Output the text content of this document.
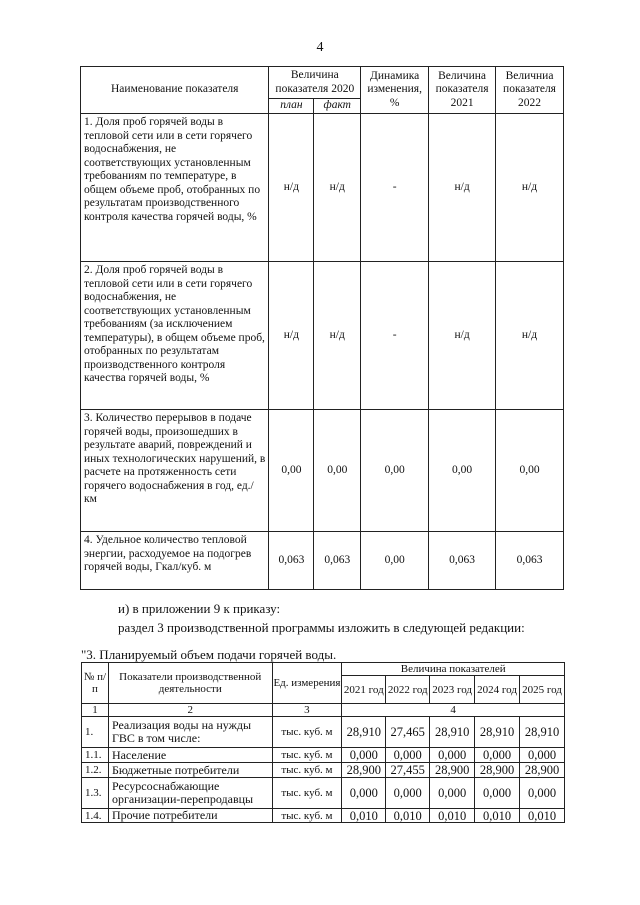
4
Наименование показателя	Величина показателя 2020		Динамика изменения, %	Величина показателя 2021	Величниа показателя 2022
	план	факт			
1. Доля проб горячей воды в тепловой сети или в сети горячего водоснабжения, не соответствующих установленным требованиям по температуре, в общем объеме проб, отобранных по результатам производственного контроля качества горячей воды, %	н/д	н/д	-	н/д	н/д
2. Доля проб горячей воды в тепловой сети или в сети горячего водоснабжения, не соответствующих установленным требованиям (за исключением температуры), в общем объеме проб, отобранных по результатам производственного контроля качества горячей воды, %	н/д	н/д	-	н/д	н/д
3. Количество перерывов в подаче горячей воды, произошедших в результате аварий, повреждений и иных технологических нарушений, в расчете на протяженность сети горячего водоснабжения в год, ед./км	0,00	0,00	0,00	0,00	0,00
4. Удельное количество тепловой энергии, расходуемое на подогрев горячей воды, Гкал/куб. м	0,063	0,063	0,00	0,063	0,063
и) в приложении 9 к приказу:
раздел 3 производственной программы изложить в следующей редакции:
"3. Планируемый объем подачи горячей воды.
№ п/п	Показатели производственной деятельности	Ед. измерения	Величина показателей				
			2021 год	2022 год	2023 год	2024 год	2025 год
1	2	3	4				
1.	Реализация воды на нужды ГВС в том числе:	тыс. куб. м	28,910	27,465	28,910	28,910	28,910
1.1.	Население	тыс. куб. м	0,000	0,000	0,000	0,000	0,000
1.2.	Бюджетные потребители	тыс. куб. м	28,900	27,455	28,900	28,900	28,900
1.3.	Ресурсоснабжающие организации-перепродавцы	тыс. куб. м	0,000	0,000	0,000	0,000	0,000
1.4.	Прочие потребители	тыс. куб. м	0,010	0,010	0,010	0,010	0,010
